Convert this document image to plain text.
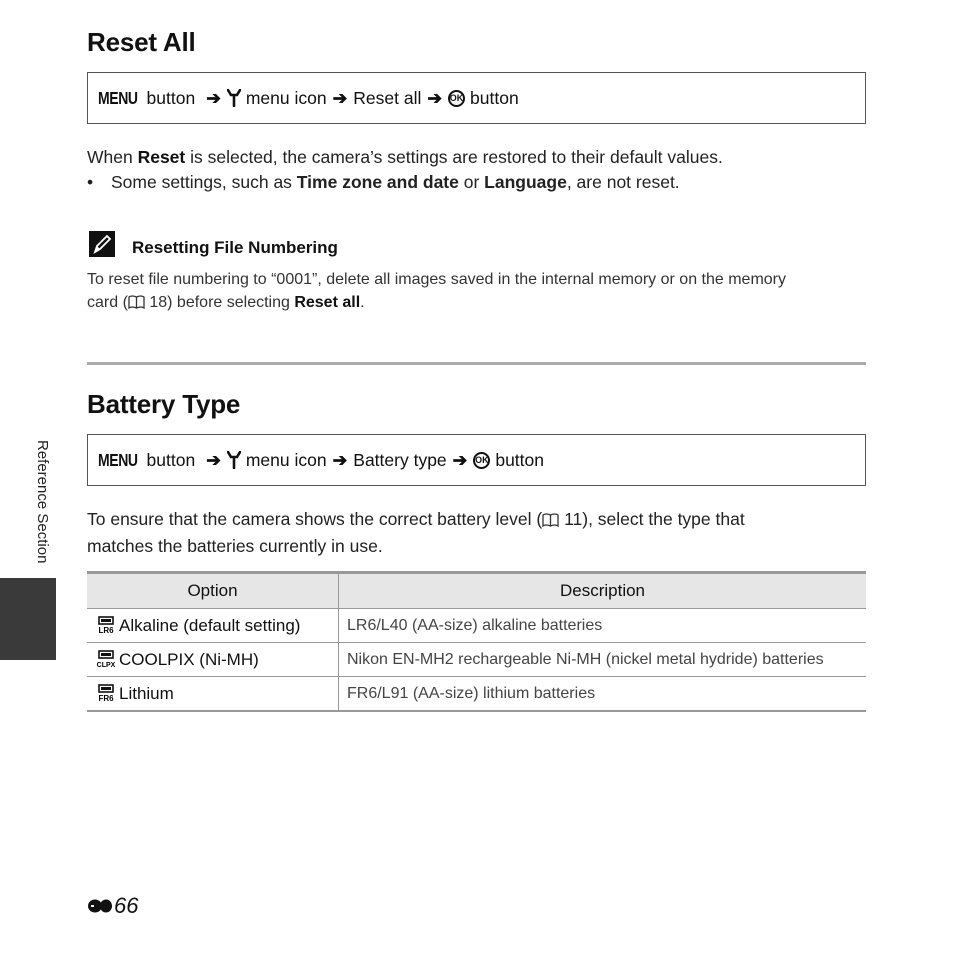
Reset All
MENU button ➔ menu icon ➔ Reset all ➔ OK button
When Reset is selected, the camera’s settings are restored to their default values.
• Some settings, such as Time zone and date or Language, are not reset.
Resetting File Numbering
To reset file numbering to “0001”, delete all images saved in the internal memory or on the memory
card ( 18) before selecting Reset all.
Battery Type
MENU button ➔ menu icon ➔ Battery type ➔ OK button
To ensure that the camera shows the correct battery level ( 11), select the type that
matches the batteries currently in use.
Option	Description

LR6 Alkaline (default setting)	LR6/L40 (AA-size) alkaline batteries

CLPX COOLPIX (Ni-MH)	Nikon EN-MH2 rechargeable Ni-MH (nickel metal hydride) batteries

FR6 Lithium	FR6/L91 (AA-size) lithium batteries
Reference Section
66
